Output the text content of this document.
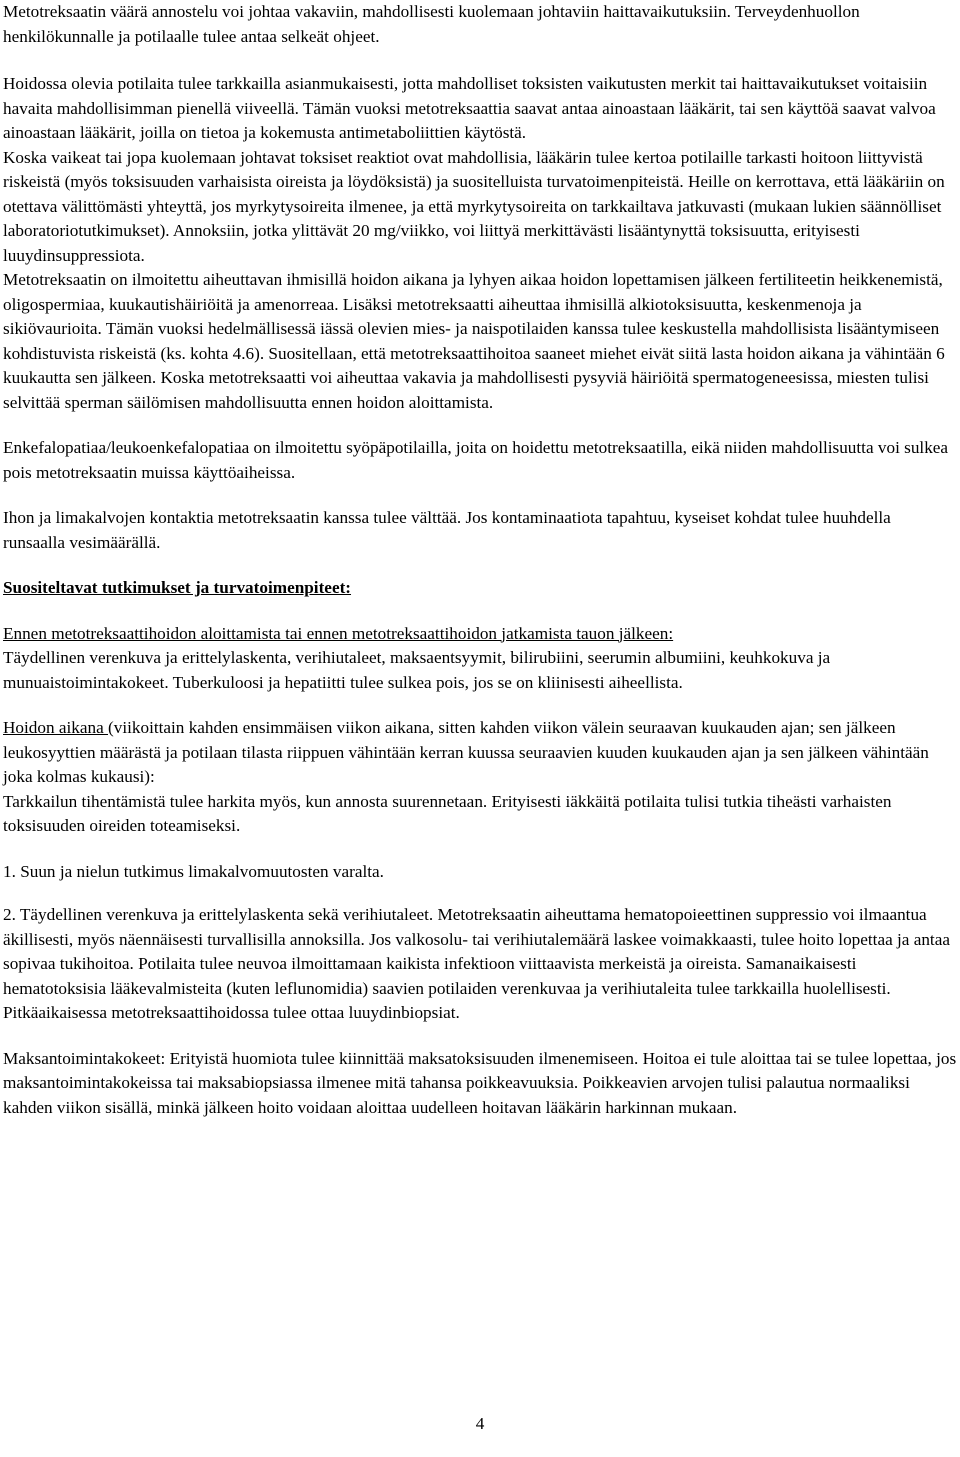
Metotreksaatin väärä annostelu voi johtaa vakaviin, mahdollisesti kuolemaan johtaviin haittavaikutuksiin. Terveydenhuollon henkilökunnalle ja potilaalle tulee antaa selkeät ohjeet.

Hoidossa olevia potilaita tulee tarkkailla asianmukaisesti, jotta mahdolliset toksisten vaikutusten merkit tai haittavaikutukset voitaisiin havaita mahdollisimman pienellä viiveellä. Tämän vuoksi metotreksaattia saavat antaa ainoastaan lääkärit, tai sen käyttöä saavat valvoa ainoastaan lääkärit, joilla on tietoa ja kokemusta antimetaboliittien käytöstä.

Koska vaikeat tai jopa kuolemaan johtavat toksiset reaktiot ovat mahdollisia, lääkärin tulee kertoa potilaille tarkasti hoitoon liittyvistä riskeistä (myös toksisuuden varhaisista oireista ja löydöksistä) ja suositelluista turvatoimenpiteistä. Heille on kerrottava, että lääkäriin on otettava välittömästi yhteyttä, jos myrkytysoireita ilmenee, ja että myrkytysoireita on tarkkailtava jatkuvasti (mukaan lukien säännölliset laboratoriotutkimukset). Annoksiin, jotka ylittävät 20 mg/viikko, voi liittyä merkittävästi lisääntynyttä toksisuutta, erityisesti luuydinsuppressiota.

Metotreksaatin on ilmoitettu aiheuttavan ihmisillä hoidon aikana ja lyhyen aikaa hoidon lopettamisen jälkeen fertiliteetin heikkenemistä, oligospermiaa, kuukautishäiriöitä ja amenorreaa. Lisäksi metotreksaatti aiheuttaa ihmisillä alkiotoksisuutta, keskenmenoja ja sikiövaurioita. Tämän vuoksi hedelmällisessä iässä olevien mies- ja naispotilaiden kanssa tulee keskustella mahdollisista lisääntymiseen kohdistuvista riskeistä (ks. kohta 4.6). Suositellaan, että metotreksaattihoitoa saaneet miehet eivät siitä lasta hoidon aikana ja vähintään 6 kuukautta sen jälkeen. Koska metotreksaatti voi aiheuttaa vakavia ja mahdollisesti pysyviä häiriöitä spermatogeneesissa, miesten tulisi selvittää sperman säilömisen mahdollisuutta ennen hoidon aloittamista.

Enkefalopatiaa/leukoenkefalopatiaa on ilmoitettu syöpäpotilailla, joita on hoidettu metotreksaatilla, eikä niiden mahdollisuutta voi sulkea pois metotreksaatin muissa käyttöaiheissa.

Ihon ja limakalvojen kontaktia metotreksaatin kanssa tulee välttää. Jos kontaminaatiota tapahtuu, kyseiset kohdat tulee huuhdella runsaalla vesimäärällä.

Suositeltavat tutkimukset ja turvatoimenpiteet:

Ennen metotreksaattihoidon aloittamista tai ennen metotreksaattihoidon jatkamista tauon jälkeen:
Täydellinen verenkuva ja erittelylaskenta, verihiutaleet, maksaentsyymit, bilirubiini, seerumin albumiini, keuhkokuva ja munuaistoimintakokeet. Tuberkuloosi ja hepatiitti tulee sulkea pois, jos se on kliinisesti aiheellista.

Hoidon aikana (viikoittain kahden ensimmäisen viikon aikana, sitten kahden viikon välein seuraavan kuukauden ajan; sen jälkeen leukosyyttien määrästä ja potilaan tilasta riippuen vähintään kerran kuussa seuraavien kuuden kuukauden ajan ja sen jälkeen vähintään joka kolmas kukausi):

Tarkkailun tihentämistä tulee harkita myös, kun annosta suurennetaan. Erityisesti iäkkäitä potilaita tulisi tutkia tiheästi varhaisten toksisuuden oireiden toteamiseksi.

1. Suun ja nielun tutkimus limakalvomuutosten varalta.

2. Täydellinen verenkuva ja erittelylaskenta sekä verihiutaleet. Metotreksaatin aiheuttama hematopoieettinen suppressio voi ilmaantua äkillisesti, myös näennäisesti turvallisilla annoksilla. Jos valkosolu- tai verihiutalemäärä laskee voimakkaasti, tulee hoito lopettaa ja antaa sopivaa tukihoitoa. Potilaita tulee neuvoa ilmoittamaan kaikista infektioon viittaavista merkeistä ja oireista. Samanaikaisesti hematotoksisia lääkevalmisteita (kuten leflunomidia) saavien potilaiden verenkuvaa ja verihiutaleita tulee tarkkailla huolellisesti. Pitkäaikaisessa metotreksaattihoidossa tulee ottaa luuydinbiopsiat.

Maksantoimintakokeet: Erityistä huomiota tulee kiinnittää maksatoksisuuden ilmenemiseen. Hoitoa ei tule aloittaa tai se tulee lopettaa, jos maksantoimintakokeissa tai maksabiopsiassa ilmenee mitä tahansa poikkeavuuksia. Poikkeavien arvojen tulisi palautua normaaliksi kahden viikon sisällä, minkä jälkeen hoito voidaan aloittaa uudelleen hoitavan lääkärin harkinnan mukaan.

4
